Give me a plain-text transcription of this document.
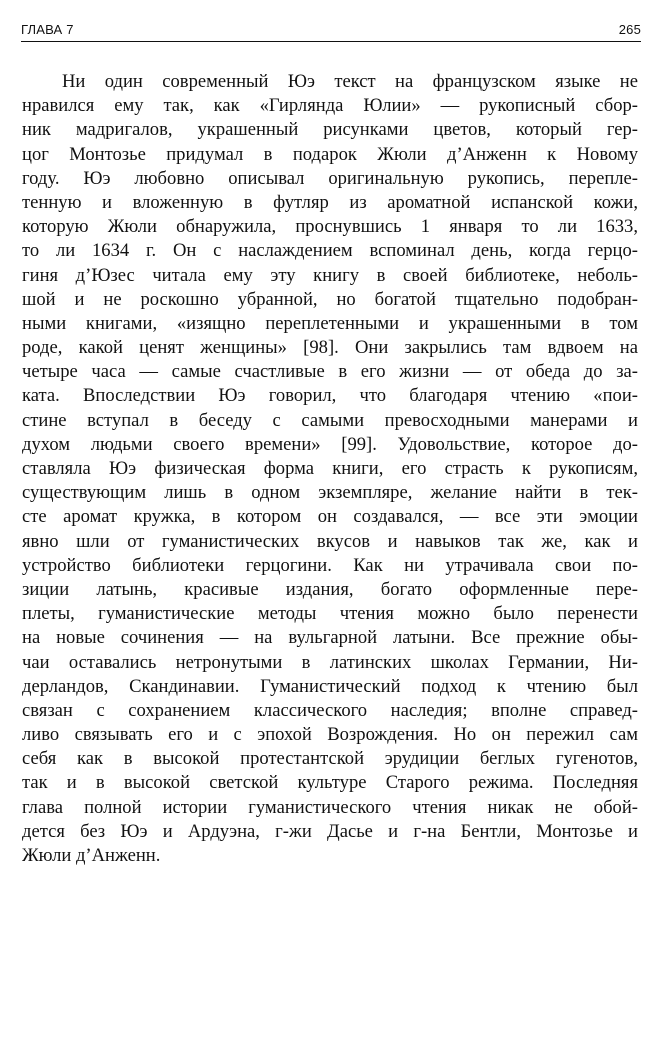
ГЛАВА 7	265
Ни один современный Юэ текст на французском языке не
нравился ему так, как «Гирлянда Юлии» — рукописный сбор-
ник мадригалов, украшенный рисунками цветов, который гер-
цог Монтозье придумал в подарок Жюли д’Анженн к Новому
году. Юэ любовно описывал оригинальную рукопись, перепле-
тенную и вложенную в футляр из ароматной испанской кожи,
которую Жюли обнаружила, проснувшись 1 января то ли 1633,
то ли 1634 г. Он с наслаждением вспоминал день, когда герцо-
гиня д’Юзес читала ему эту книгу в своей библиотеке, неболь-
шой и не роскошно убранной, но богатой тщательно подобран-
ными книгами, «изящно переплетенными и украшенными в том
роде, какой ценят женщины» [98]. Они закрылись там вдвоем на
четыре часа — самые счастливые в его жизни — от обеда до за-
ката. Впоследствии Юэ говорил, что благодаря чтению «пои-
стине вступал в беседу с самыми превосходными манерами и
духом людьми своего времени» [99]. Удовольствие, которое до-
ставляла Юэ физическая форма книги, его страсть к рукописям,
существующим лишь в одном экземпляре, желание найти в тек-
сте аромат кружка, в котором он создавался, — все эти эмоции
явно шли от гуманистических вкусов и навыков так же, как и
устройство библиотеки герцогини. Как ни утрачивала свои по-
зиции латынь, красивые издания, богато оформленные пере-
плеты, гуманистические методы чтения можно было перенести
на новые сочинения — на вульгарной латыни. Все прежние обы-
чаи оставались нетронутыми в латинских школах Германии, Ни-
дерландов, Скандинавии. Гуманистический подход к чтению был
связан с сохранением классического наследия; вполне справед-
ливо связывать его и с эпохой Возрождения. Но он пережил сам
себя как в высокой протестантской эрудиции беглых гугенотов,
так и в высокой светской культуре Старого режима. Последняя
глава полной истории гуманистического чтения никак не обой-
дется без Юэ и Ардуэна, г-жи Дасье и г-на Бентли, Монтозье и
Жюли д’Анженн.
